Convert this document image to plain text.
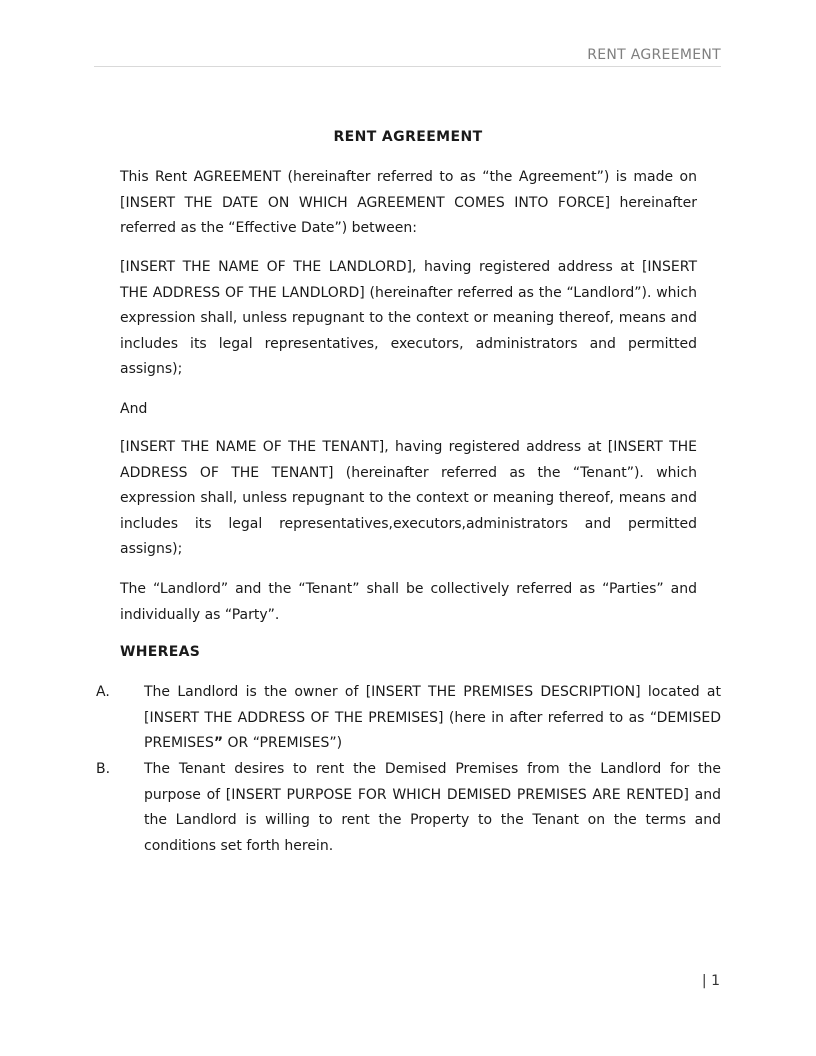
RENT AGREEMENT
RENT AGREEMENT

This Rent AGREEMENT (hereinafter referred to as “the Agreement”) is made on [INSERT THE DATE ON WHICH AGREEMENT COMES INTO FORCE] hereinafter referred as the “Effective Date”) between:

[INSERT THE NAME OF THE LANDLORD], having registered address at [INSERT THE ADDRESS OF THE LANDLORD] (hereinafter referred as the “Landlord”). which expression shall, unless repugnant to the context or meaning thereof, means and includes its legal representatives, executors, administrators and permitted assigns);

And

[INSERT THE NAME OF THE TENANT], having registered address at [INSERT THE ADDRESS OF THE TENANT] (hereinafter referred as the “Tenant”). which expression shall, unless repugnant to the context or meaning thereof, means and includes its legal representatives,executors,administrators and permitted assigns);

The “Landlord” and the “Tenant” shall be collectively referred as “Parties” and individually as “Party”.

WHEREAS
A. The Landlord is the owner of [INSERT THE PREMISES DESCRIPTION] located at [INSERT THE ADDRESS OF THE PREMISES] (here in after referred to as “DEMISED PREMISES” OR “PREMISES”)
B. The Tenant desires to rent the Demised Premises from the Landlord for the purpose of [INSERT PURPOSE FOR WHICH DEMISED PREMISES ARE RENTED] and the Landlord is willing to rent the Property to the Tenant on the terms and conditions set forth herein.
| 1
